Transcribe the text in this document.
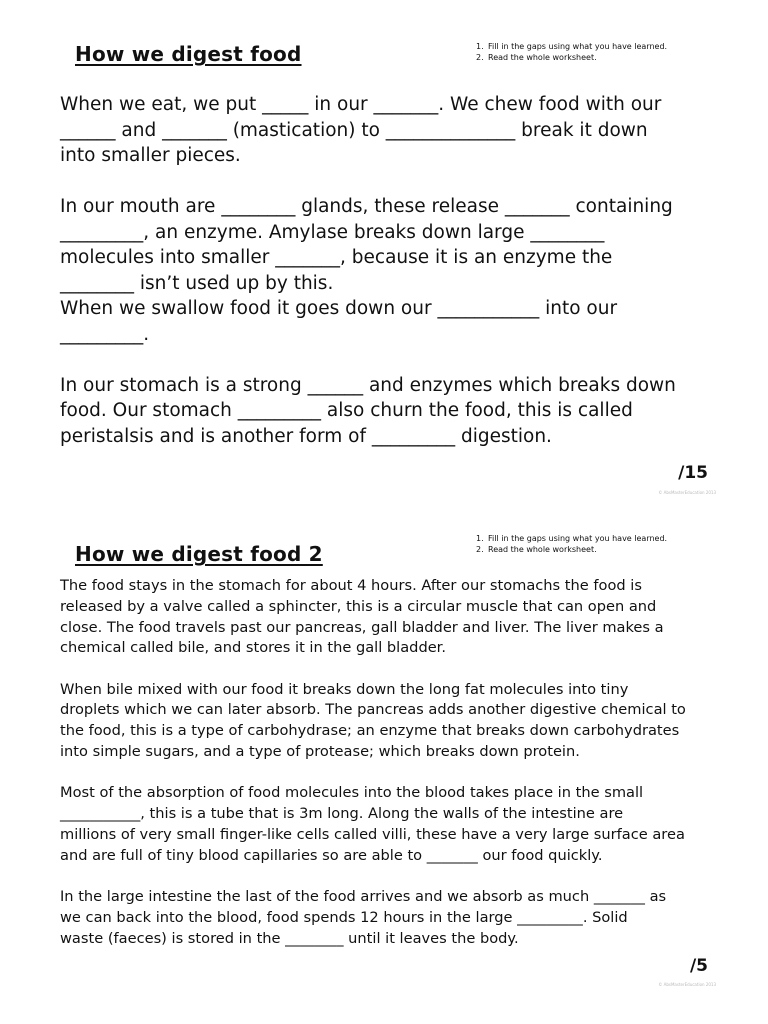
How we digest food	1. Fill in the gaps using what you have learned.
2. Read the whole worksheet.

When we eat, we put _____ in our _______. We chew food with our
______ and _______ (mastication) to ______________ break it down
into smaller pieces.

In our mouth are ________ glands, these release _______ containing
_________, an enzyme. Amylase breaks down large ________
molecules into smaller _______, because it is an enzyme the
________ isn’t used up by this.

When we swallow food it goes down our ___________ into our
_________.

In our stomach is a strong ______ and enzymes which breaks down
food. Our stomach _________ also churn the food, this is called
peristalsis and is another form of _________ digestion.

/15
© AbsMasterEducation 2013
How we digest food 2
1. Fill in the gaps using what you have learned.
2. Read the whole worksheet.

The food stays in the stomach for about 4 hours. After our stomachs the food is
released by a valve called a sphincter, this is a circular muscle that can open and
close. The food travels past our pancreas, gall bladder and liver. The liver makes a
chemical called bile, and stores it in the gall bladder.

When bile mixed with our food it breaks down the long fat molecules into tiny
droplets which we can later absorb. The pancreas adds another digestive chemical to
the food, this is a type of carbohydrase; an enzyme that breaks down carbohydrates
into simple sugars, and a type of protease; which breaks down protein.

Most of the absorption of food molecules into the blood takes place in the small
___________, this is a tube that is 3m long. Along the walls of the intestine are
millions of very small finger-like cells called villi, these have a very large surface area
and are full of tiny blood capillaries so are able to _______ our food quickly.

In the large intestine the last of the food arrives and we absorb as much _______ as
we can back into the blood, food spends 12 hours in the large _________. Solid
waste (faeces) is stored in the ________ until it leaves the body.

/5
© AbsMasterEducation 2013
